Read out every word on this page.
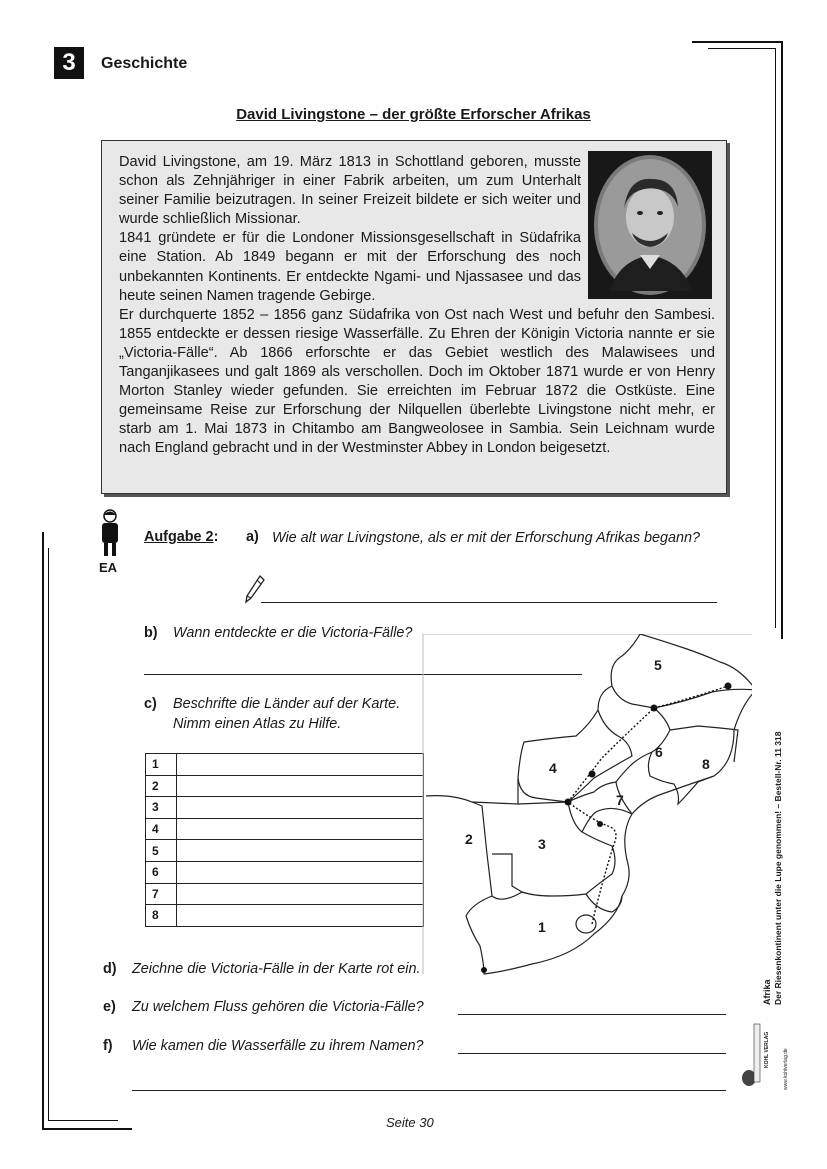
3	Geschichte
David Livingstone – der größte Erforscher Afrikas

David Livingstone, am 19. März 1813 in Schottland geboren, musste schon als Zehnjähriger in einer Fabrik arbeiten, um zum Unterhalt seiner Familie beizutragen. In seiner Freizeit bildete er sich weiter und wurde schließlich Missionar.

1841 gründete er für die Londoner Missionsgesellschaft in Südafrika eine Station. Ab 1849 begann er mit der Erforschung des noch unbekannten Kontinents. Er entdeckte Ngami- und Njassasee und das heute seinen Namen tragende Gebirge.

Er durchquerte 1852 – 1856 ganz Südafrika von Ost nach West und befuhr den Sambesi. 1855 entdeckte er dessen riesige Wasserfälle. Zu Ehren der Königin Victoria nannte er sie „Victoria-Fälle“. Ab 1866 erforschte er das Gebiet westlich des Malawisees und Tanganjikasees und galt 1869 als verschollen. Doch im Oktober 1871 wurde er von Henry Morton Stanley wieder gefunden. Sie erreichten im Februar 1872 die Ostküste. Eine gemeinsame Reise zur Erforschung der Nilquellen überlebte Livingstone nicht mehr, er starb am 1. Mai 1873 in Chitambo am Bangweolosee in Sambia. Sein Leichnam wurde nach England gebracht und in der Westminster Abbey in London beigesetzt.

EA
Aufgabe 2: a) Wie alt war Livingstone, als er mit der Erforschung Afrikas begann?
b) Wann entdeckte er die Victoria-Fälle?
c) Beschrifte die Länder auf der Karte.
Nimm einen Atlas zu Hilfe.
1	
2	
3	
4	
5	
6	
7	
8	
5
6
8
4
7
2	3
1
d) Zeichne die Victoria-Fälle in der Karte rot ein.
e) Zu welchem Fluss gehören die Victoria-Fälle?
f) Wie kamen die Wasserfälle zu ihrem Namen?
Seite 30
Afrika Der Riesenkontinent unter die Lupe genommen! – Bestell-Nr. 11 318
KOHL VERLAG	www.kohlverlag.de
